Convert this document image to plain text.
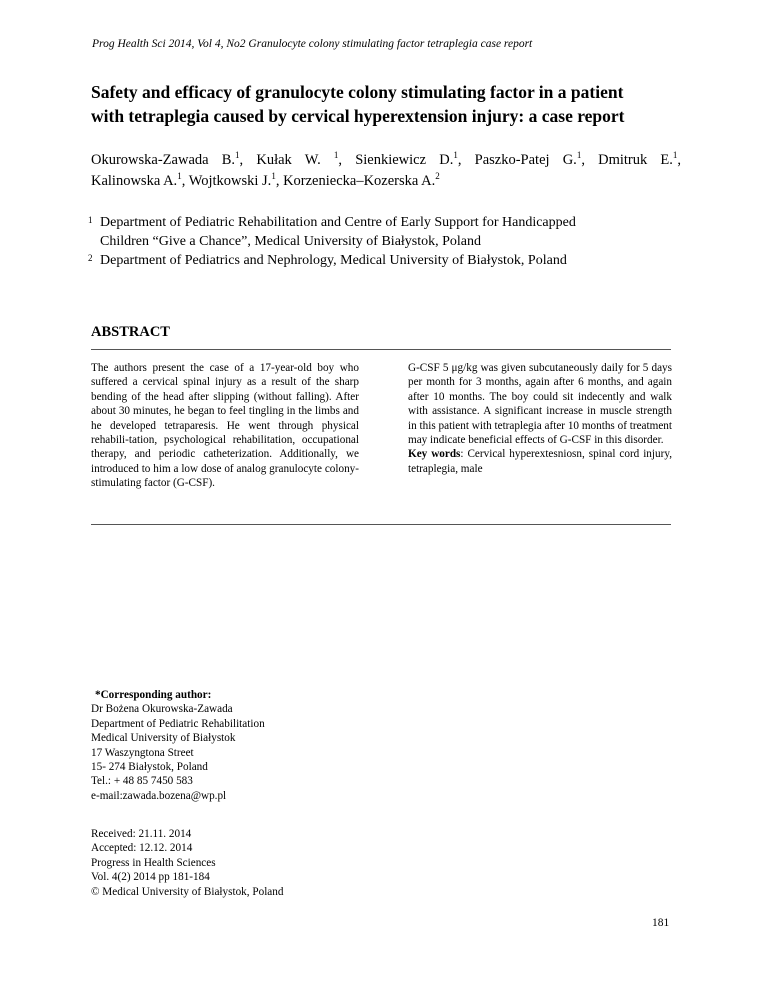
Prog Health Sci 2014, Vol 4, No2 Granulocyte colony stimulating factor tetraplegia case report
Safety and efficacy of granulocyte colony stimulating factor in a patient
with tetraplegia caused by cervical hyperextension injury: a case report
Okurowska-Zawada B.$^1$, Kułak W. $^1$, Sienkiewicz D.$^1$, Paszko-Patej G.$^1$, Dmitruk E.$^1$,
Kalinowska A.$^1$, Wojtkowski J.$^1$, Korzeniecka–Kozerska A.$^2$
1 Department of Pediatric Rehabilitation and Centre of Early Support for Handicapped
Children “Give a Chance”, Medical University of Białystok, Poland
2 Department of Pediatrics and Nephrology, Medical University of Białystok, Poland
ABSTRACT
The authors present the case of a 17-year-old boy who suffered a cervical spinal injury as a result of the sharp bending of the head after slipping (without falling). After about 30 minutes, he began to feel tingling in the limbs and he developed tetraparesis. He went through physical rehabili-tation, psychological rehabilitation, occupational therapy, and periodic catheterization. Additionally, we introduced to him a low dose of analog granulocyte colony-stimulating factor (G-CSF).
G-CSF 5 μg/kg was given subcutaneously daily for 5 days per month for 3 months, again after 6 months, and again after 10 months. The boy could sit indecently and walk with assistance. A significant increase in muscle strength in this patient with tetraplegia after 10 months of treatment may indicate beneficial effects of G-CSF in this disorder.
Key words: Cervical hyperextesniosn, spinal cord injury, tetraplegia, male
*Corresponding author:
Dr Bożena Okurowska-Zawada
Department of Pediatric Rehabilitation
Medical University of Białystok
17 Waszyngtona Street
15- 274 Białystok, Poland
Tel.: + 48 85 7450 583
e-mail:zawada.bozena@wp.pl
Received: 21.11. 2014
Accepted: 12.12. 2014
Progress in Health Sciences
Vol. 4(2) 2014 pp 181-184
© Medical University of Białystok, Poland
181
